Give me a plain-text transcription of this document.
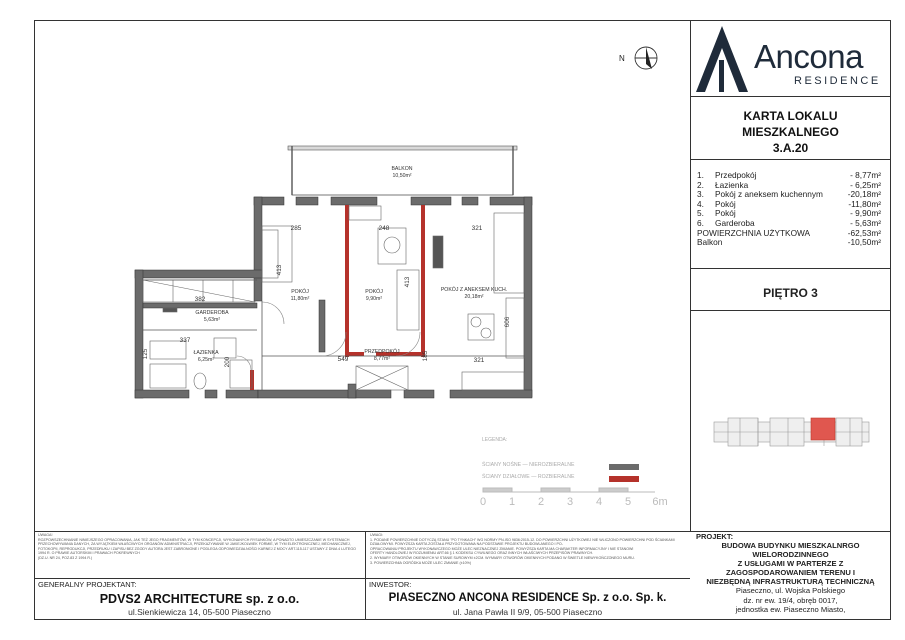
BALKON
10,50m²
POKÓJ
11,80m²
POKÓJ
9,90m²
POKÓJ Z ANEKSEM KUCH.
20,18m²
GARDEROBA
5,63m²
ŁAZIENKA
6,25m²
PRZEDPOKÓJ
8,77m²
285	248	321
413
413
382
337
549	321
185
606
200
125
N
LEGENDA:
ŚCIANY NOŚNE — NIEROZBIERALNE
ŚCIANY DZIAŁOWE — ROZBIERALNE
0 1 2 3 4 5 6m
Ancona
RESIDENCE
KARTA LOKALU
MIESZKALNEGO
3.A.20
1.	Przedpokój	- 8,77m²
2.	Łazienka	- 6,25m²
3.	Pokój z aneksem kuchennym	-20,18m²
4.	Pokój	-11,80m²
5.	Pokój	- 9,90m²
6.	Garderoba	- 5,63m²
POWIERZCHNIA UŻYTKOWA	-62,53m²
Balkon	-10,50m²
PIĘTRO 3
UWAGA!
ROZPOWSZECHNIANIE NINIEJSZEGO OPRACOWANIA, JAK TEŻ JEGO FRAGMENTÓW, W TYM KONCEPCJI, WYKONANYCH RYSUNKÓW, A PONADTO UMIESZCZANIE W SYSTEMACH PRZECHOWYWANIA DANYCH, ZA WYJĄTKIEM WŁAŚCIWYCH ORGANÓW ADMINISTRACJI, PRZEKAZYWANIE W JAKIEJKOLWIEK FORMIE, W TYM ELEKTRONICZNEJ, MECHANICZNEJ, FOTOKOPII, REPRODUKCJI, PRZEDRUKU I ZAPISU BEZ ZGODY AUTORA JEST ZABRONIONE I PODLEGA ODPOWIEDZIALNOŚCI KARNEJ Z MOCY ART.115-117 USTAWY Z DNIA 4 LUTEGO 1994 R. O PRAWIE AUTORSKIM I PRAWACH POKREWNYCH
(DZ.U. NR 24, POZ.83 Z 1994 R.)
UWAGI:
1. PODANE POWIERZCHNIE DOTYCZĄ STANU "PO TYNKACH" WG NORMY PN-ISO 9836:2015-12. DO POWIERZCHNI UŻYTKOWEJ NIE WLICZONO POWIERZCHNI POD ŚCIANKAMI DZIAŁOWYMI. POWYŻSZA KARTA ZOSTAŁA PRZYGOTOWANA NA PODSTAWIE PROJEKTU BUDOWLANEGO I PO-
OPRACOWANIU PROJEKTU WYKONAWCZEGO MOŻE ULEC NIEZNACZNEJ ZMIANIE. POWYŻSZA KARTA MA CHARAKTER INFORMACYJNY I NIE STANOWI
OFERTY HANDLOWEJ W ROZUMIENIU ART.66 § 1 KODEKSU CYWILNEGO ORAZ INNYCH WŁAŚCIWYCH PRZEPISÓW PRAWNYCH.
2. WYMIARY OTWORÓW OKIENNYCH W STANIE SUROWYM ±2CM. WYMIARY OTWORÓW OKIENNYCH PODANO W ŚWIETLE NIEWYKOŃCZONEGO MURU.
3. POWIERZCHNIA OGRÓDKA MOŻE ULEC ZMIANIE (±10%)
GENERALNY PROJEKTANT:
PDVS2 ARCHITECTURE sp. z o.o.
ul.Sienkiewicza 14, 05-500 Piaseczno
INWESTOR:
PIASECZNO ANCONA RESIDENCE Sp. z o.o. Sp. k.
ul. Jana Pawła II 9/9, 05-500 Piaseczno
PROJEKT:
BUDOWA BUDYNKU MIESZKALNRGO
WIELORODZINNEGO
Z USŁUGAMI W PARTERZE Z
ZAGOSPODAROWANIEM TERENU I
NIEZBĘDNĄ INFRASTRUKTURĄ TECHNICZNĄ
Piaseczno, ul. Wojska Polskiego
dz. nr ew. 19/4, obręb 0017,
jednostka ew. Piaseczno Miasto,
